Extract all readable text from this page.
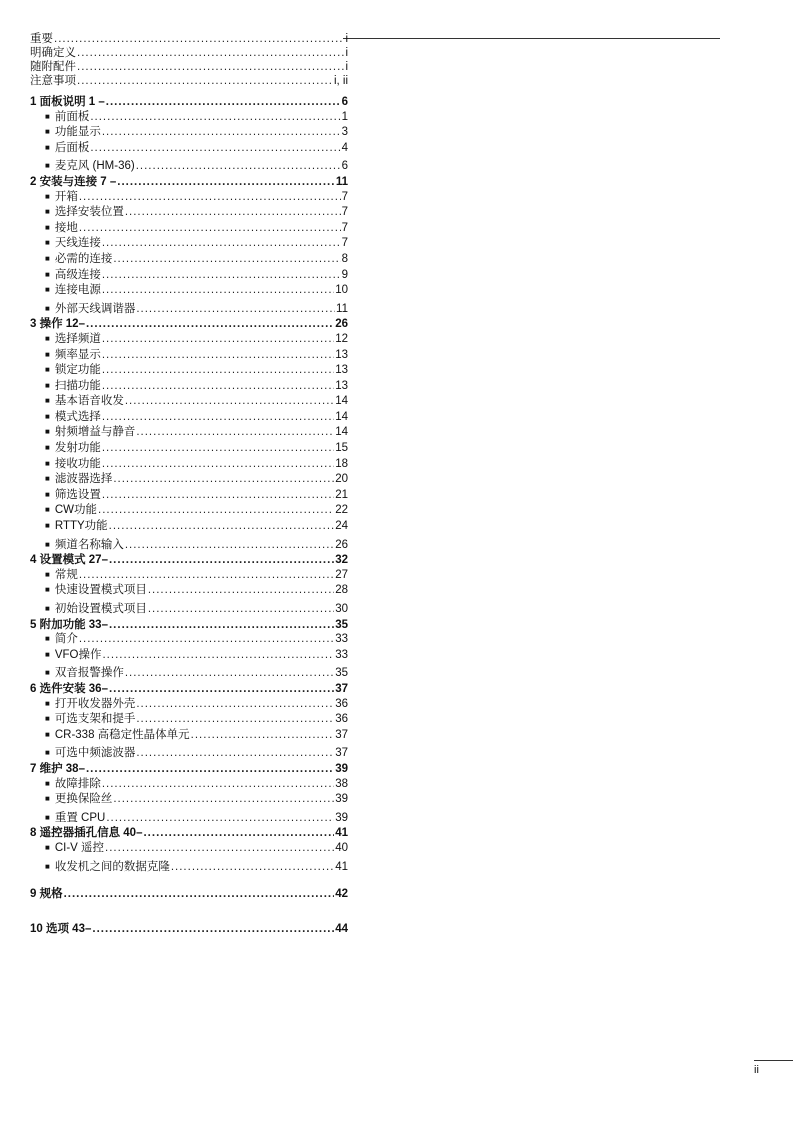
重要 .....	i
明确定义 .....	i
随附配件 .....	i
注意事项 .....	i, ii
1 面板说明 1 – .....	6
■ 前面板 .....	1
■ 功能显示 .....	3
■ 后面板 .....	4
■ 麦克风 (HM-36) .....	6
2 安装与连接 7 – .....	11
■ 开箱 .....	7
■ 选择安装位置 .....	7
■ 接地 .....	7
■ 天线连接 .....	7
■ 必需的连接 .....	8
■ 高级连接 .....	9
■ 连接电源 .....	10
■ 外部天线调谐器 .....	11
3 操作 12– .....	26
■ 选择频道 .....	12
■ 频率显示 .....	13
■ 锁定功能 .....	13
■ 扫描功能 .....	13
■ 基本语音收发 .....	14
■ 模式选择 .....	14
■ 射频增益与静音 .....	14
■ 发射功能 .....	15
■ 接收功能 .....	18
■ 滤波器选择 .....	20
■ 筛选设置 .....	21
■ CW功能 .....	22
■ RTTY功能 .....	24
■ 频道名称输入 .....	26
4 设置模式 27– .....	32
■ 常规 .....	27
■ 快速设置模式项目 .....	28
■ 初始设置模式项目 .....	30
5 附加功能 33– .....	35
■ 简介 .....	33
■ VFO操作 .....	33
■ 双音报警操作 .....	35
6 选件安装 36– .....	37
■ 打开收发器外壳 .....	36
■ 可选支架和提手 .....	36
■ CR-338 高稳定性晶体单元 .....	37
■ 可选中频滤波器 .....	37
7 维护 38– .....	39
■ 故障排除 .....	38
■ 更换保险丝 .....	39
■ 重置 CPU .....	39
8 遥控器插孔信息 40– .....	41
■ CI-V 遥控 .....	40
■ 收发机之间的数据克隆 .....	41
9 规格 .....	42
10 选项 43– .....	44
ii
